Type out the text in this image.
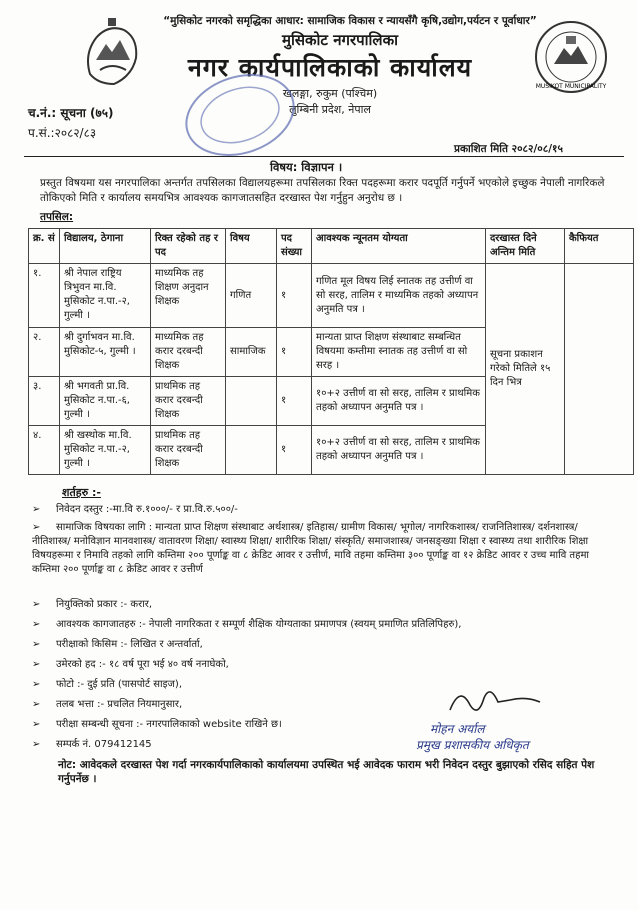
MUSIKOT MUNICIPALITY
“मुसिकोट नगरको समृद्धिका आधार: सामाजिक विकास र न्यायसँगै कृषि,उद्योग,पर्यटन र पूर्वाधार”
मुसिकोट नगरपालिका
नगर कार्यपालिकाको कार्यालय
खलङ्गा, रुकुम (पश्चिम)
लुम्बिनी प्रदेश, नेपाल
च.नं.: सूचना (७५)
प.सं.:२०८२/८३
प्रकाशित मिति २०८२/०८/१५
विषय: विज्ञापन ।
प्रस्तुत विषयमा यस नगरपालिका अन्तर्गत तपसिलका विद्यालयहरूमा तपसिलका रिक्त पदहरूमा करार पदपूर्ति गर्नुपर्ने भएकोले इच्छुक नेपाली नागरिकले तोकिएको मिति र कार्यालय समयभित्र आवश्यक कागजातसहित दरखास्त पेश गर्नुहुन अनुरोध छ ।
तपसिल:
क्र. सं	विद्यालय, ठेगाना	रिक्त रहेको तह र पद	विषय	पद संख्या	आवश्यक न्यूनतम योग्यता	दरखास्त दिने अन्तिम मिति	कैफियत
१.	श्री नेपाल राष्ट्रिय त्रिभुवन मा.वि. मुसिकोट न.पा.-२, गुल्मी ।	माध्यमिक तह शिक्षण अनुदान शिक्षक	गणित	१	गणित मूल विषय लिई स्नातक तह उत्तीर्ण वा सो सरह, तालिम र माध्यमिक तहको अध्यापन अनुमति पत्र ।	सूचना प्रकाशन गरेको मितिले १५ दिन भित्र	
२.	श्री दुर्गाभवन मा.वि. मुसिकोट-५, गुल्मी ।	माध्यमिक तह करार दरबन्दी शिक्षक	सामाजिक	१	मान्यता प्राप्त शिक्षण संस्थाबाट सम्बन्धित विषयमा कम्तीमा स्नातक तह उत्तीर्ण वा सो सरह ।		
३.	श्री भगवती प्रा.वि. मुसिकोट न.पा.-६, गुल्मी ।	प्राथमिक तह करार दरबन्दी शिक्षक		१	१०+२ उत्तीर्ण वा सो सरह, तालिम र प्राथमिक तहको अध्यापन अनुमति पत्र ।		
४.	श्री खस्थोक मा.वि. मुसिकोट न.पा.-२, गुल्मी ।	प्राथमिक तह करार दरबन्दी शिक्षक		१	१०+२ उत्तीर्ण वा सो सरह, तालिम र प्राथमिक तहको अध्यापन अनुमति पत्र ।		
शर्तहरु :-
➢ निवेदन दस्तुर :-मा.वि रु.१०००/- र प्रा.वि.रु.५००/-
➢ सामाजिक विषयका लागि : मान्यता प्राप्त शिक्षण संस्थाबाट अर्थशास्त्र/ इतिहास/ ग्रामीण विकास/ भूगोल/ नागरिकशास्त्र/ राजनितिशास्त्र/ दर्शनशास्त्र/ नीतिशास्त्र/ मनोविज्ञान मानवशास्त्र/ वातावरण शिक्षा/ स्वास्थ्य शिक्षा/ शारीरिक शिक्षा/ संस्कृति/ समाजशास्त्र/ जनसङ्ख्या शिक्षा र स्वास्थ्य तथा शारीरिक शिक्षा विषयहरूमा र निमावि तहको लागि कम्तिमा २०० पूर्णाङ्क वा ८ क्रेडिट आवर र उत्तीर्ण, मावि तहमा कम्तिमा ३०० पूर्णाङ्क वा १२ क्रेडिट आवर र उच्च मावि तहमा कम्तिमा २०० पूर्णाङ्क वा ८ क्रेडिट आवर र उत्तीर्ण
➢ नियुक्तिको प्रकार :- करार,
➢ आवश्यक कागजातहरु :- नेपाली नागरिकता र सम्पूर्ण शैक्षिक योग्यताका प्रमाणपत्र (स्वयम् प्रमाणित प्रतिलिपिहरु),
➢ परीक्षाको किसिम :- लिखित र अन्तर्वार्ता,
➢ उमेरको हद :- १८ वर्ष पूरा भई ४० वर्ष ननाघेको,
➢ फोटो :- दुई प्रति (पासपोर्ट साइज),
➢ तलब भत्ता :- प्रचलित नियमानुसार,
➢ परीक्षा सम्बन्धी सूचना :- नगरपालिकाको website राखिने छ।
➢ सम्पर्क नं. 079412145
मोहन अर्याल
प्रमुख प्रशासकीय अधिकृत
नोट: आवेदकले दरखास्त पेश गर्दा नगरकार्यपालिकाको कार्यालयमा उपस्थित भई आवेदक फाराम भरी निवेदन दस्तुर बुझाएको रसिद सहित पेश गर्नुपर्नेछ ।
